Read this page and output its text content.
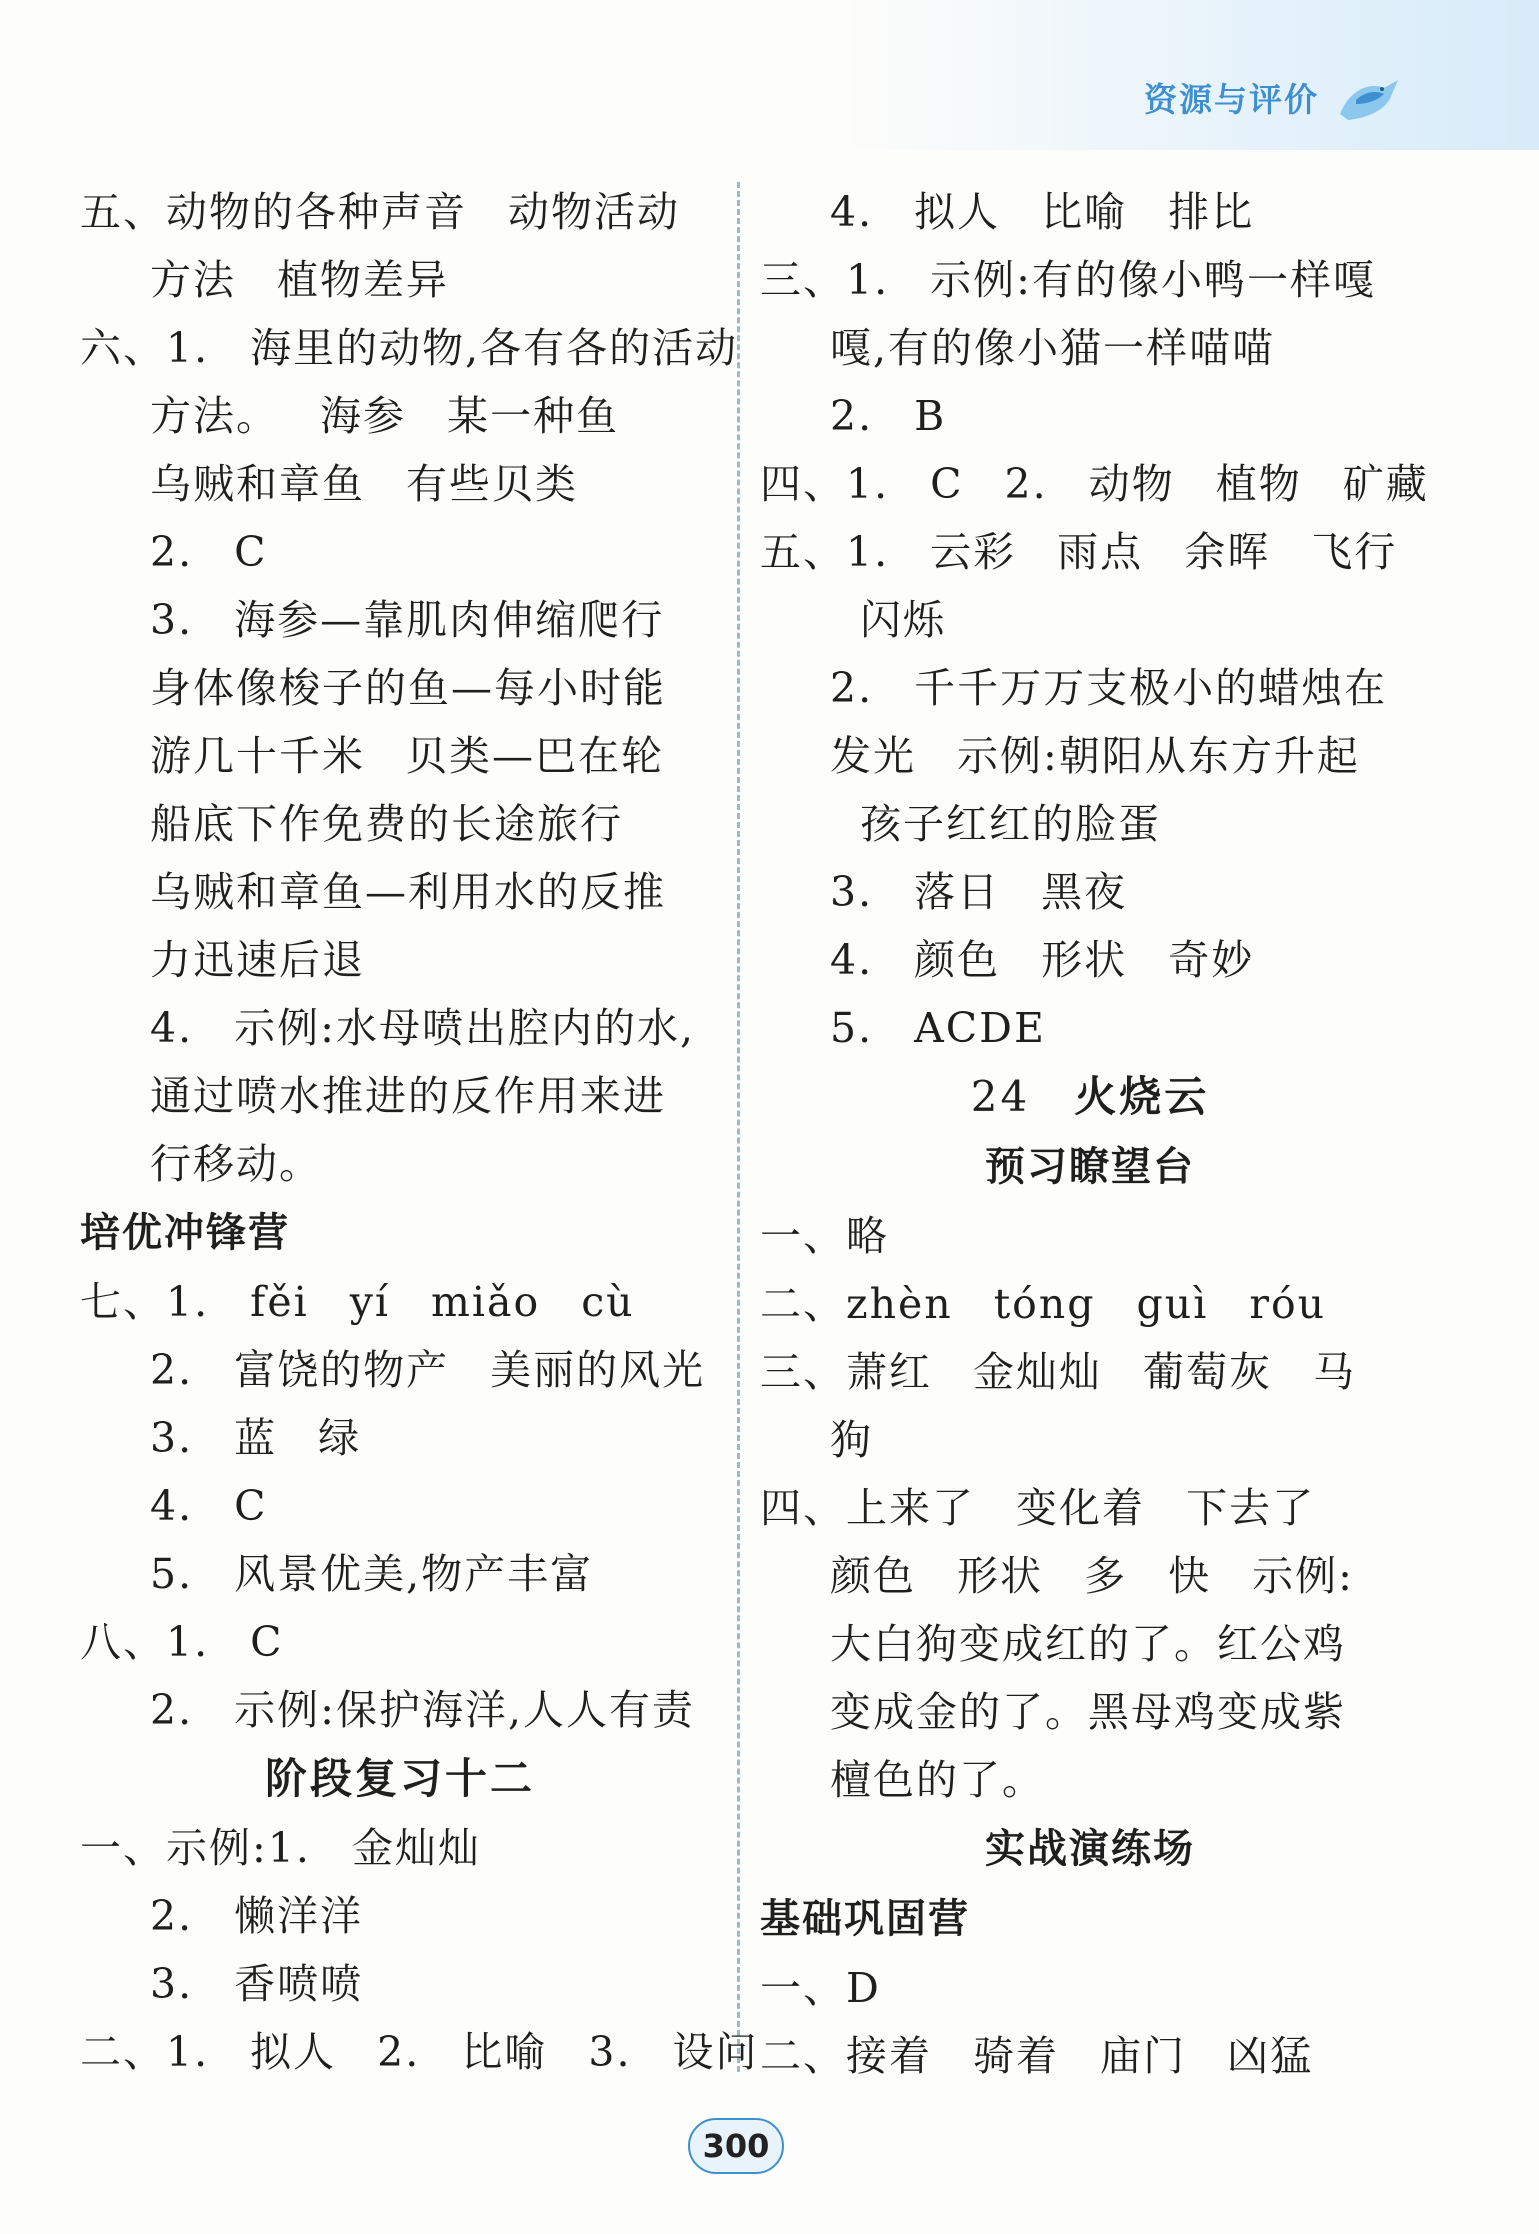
资源与评价
五、动物的各种声音 动物活动
方法 植物差异
六、1. 海里的动物,各有各的活动
方法。 海参 某一种鱼
乌贼和章鱼 有些贝类
2. C
3. 海参—靠肌肉伸缩爬行
身体像梭子的鱼—每小时能
游几十千米 贝类—巴在轮
船底下作免费的长途旅行
乌贼和章鱼—利用水的反推
力迅速后退
4. 示例:水母喷出腔内的水,
通过喷水推进的反作用来进
行移动。
培优冲锋营
七、1. fěi yí miǎo cù
2. 富饶的物产 美丽的风光
3. 蓝 绿
4. C
5. 风景优美,物产丰富
八、1. C
2. 示例:保护海洋,人人有责
阶段复习十二
一、示例:1. 金灿灿
2. 懒洋洋
3. 香喷喷
二、1. 拟人 2. 比喻 3. 设问
4. 拟人 比喻 排比
三、1. 示例:有的像小鸭一样嘎
嘎,有的像小猫一样喵喵
2. B
四、1. C 2. 动物 植物 矿藏
五、1. 云彩 雨点 余晖 飞行
闪烁
2. 千千万万支极小的蜡烛在
发光 示例:朝阳从东方升起
孩子红红的脸蛋
3. 落日 黑夜
4. 颜色 形状 奇妙
5. ACDE
24 火烧云
预习瞭望台
一、略
二、zhèn tóng guì róu
三、萧红 金灿灿 葡萄灰 马
狗
四、上来了 变化着 下去了
颜色 形状 多 快 示例:
大白狗变成红的了。红公鸡
变成金的了。黑母鸡变成紫
檀色的了。
实战演练场
基础巩固营
一、D
二、接着 骑着 庙门 凶猛
300
